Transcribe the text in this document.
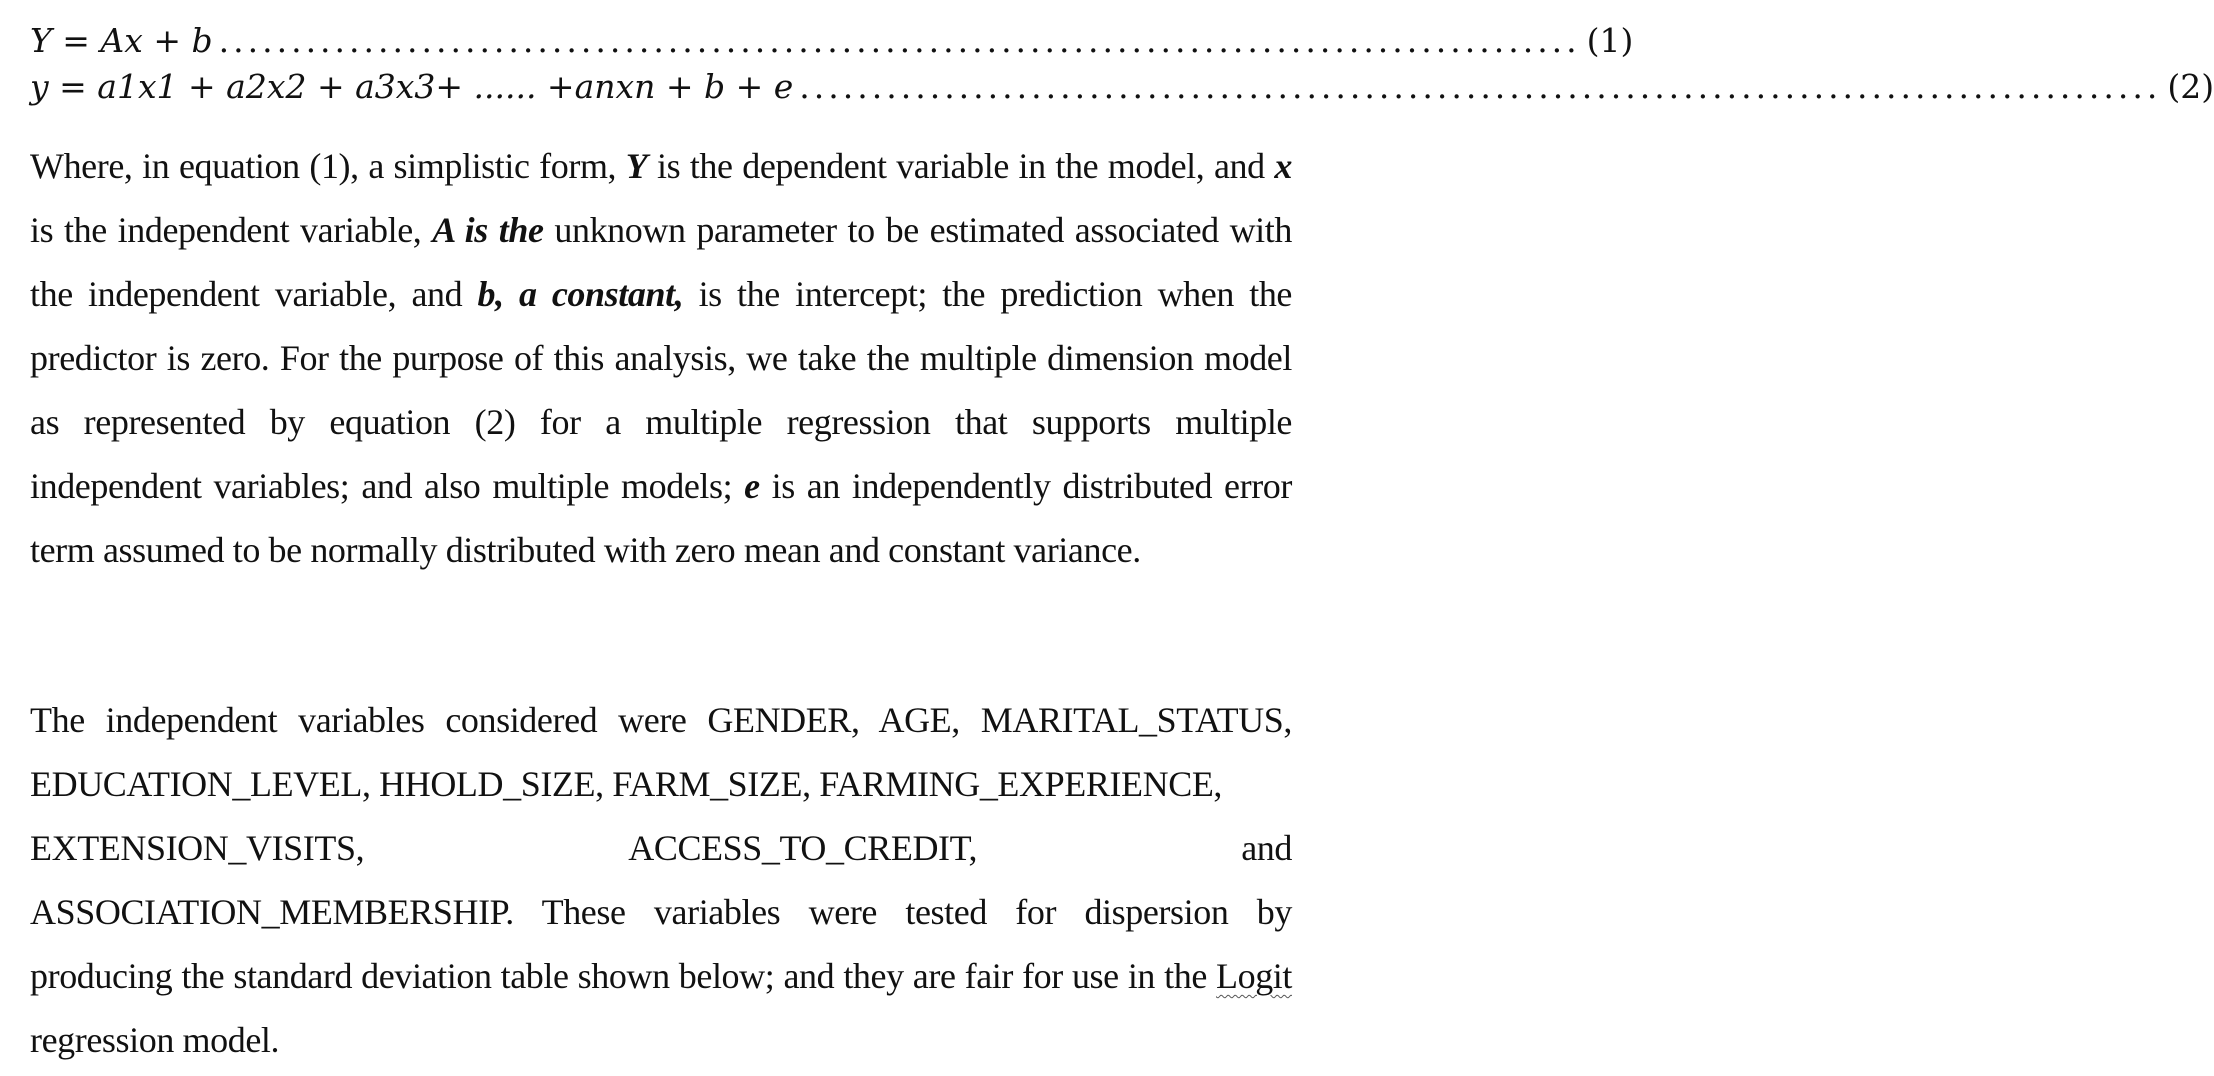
Y = Ax + b .............................................................................................. (1)
y = a1x1 + a2x2 + a3x3+ ...... +anxn + b + e .............................................................................................. (2)

Where, in equation (1), a simplistic form, Y is the dependent variable in the model, and x is the independent variable, A is the unknown parameter to be estimated associated with the independent variable, and b, a constant, is the intercept; the prediction when the predictor is zero. For the purpose of this analysis, we take the multiple dimension model as represented by equation (2) for a multiple regression that supports multiple independent variables; and also multiple models; e is an independently distributed error term assumed to be normally distributed with zero mean and constant variance.

The independent variables considered were GENDER, AGE, MARITAL_STATUS, EDUCATION_LEVEL, HHOLD_SIZE, FARM_SIZE, FARMING_EXPERIENCE,

EXTENSION_VISITS,	ACCESS_TO_CREDIT,	and

ASSOCIATION_MEMBERSHIP. These variables were tested for dispersion by producing the standard deviation table shown below; and they are fair for use in the Logit regression model.
